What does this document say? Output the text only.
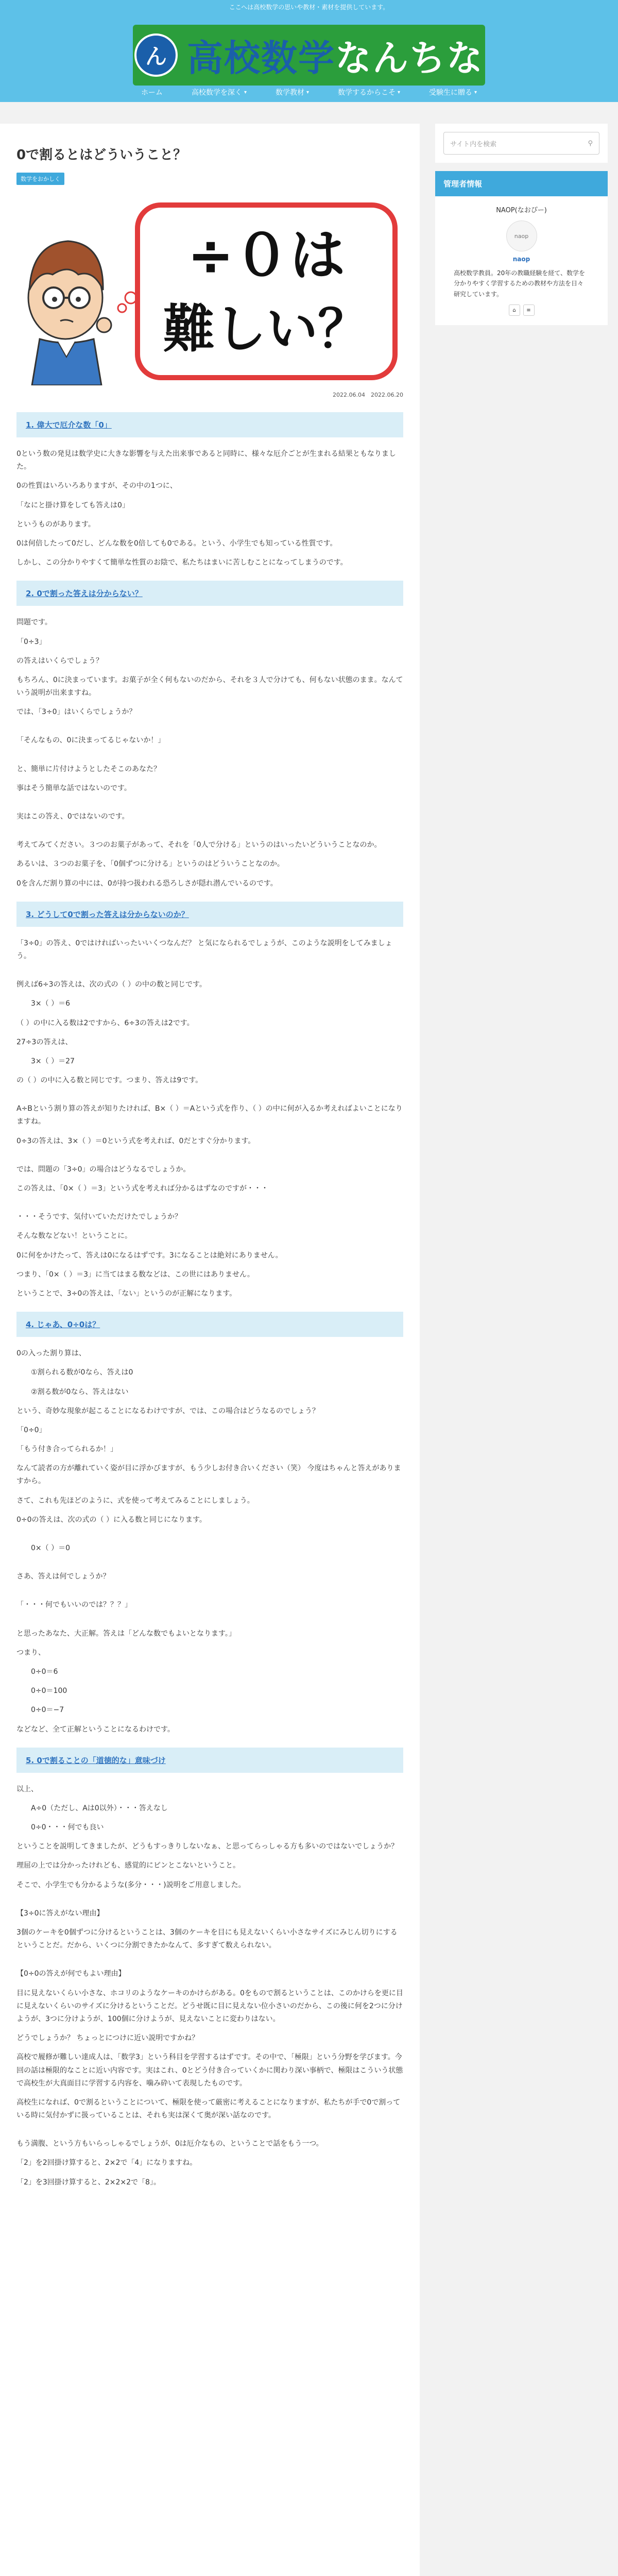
ここへは高校数学の思いや教材・素材を提供しています。
ん 高校数学なんちな
ホーム	高校数学を深く ▾	数学教材 ▾	数学するからこそ ▾	受験生に贈る ▾
0で割るとはどういうこと？
数学をおかしく
÷０は
難しい？
2022.06.04　2022.06.20
1. 偉大で厄介な数「0」

0という数の発見は数学史に大きな影響を与えた出来事であると同時に、様々な厄介ごとが生まれる結果ともなりました。

0の性質はいろいろありますが、その中の1つに、

「なにと掛け算をしても答えは0」

というものがあります。

0は何倍したって0だし、どんな数を0倍しても0である。という、小学生でも知っている性質です。

しかし、この分かりやすくて簡単な性質のお陰で、私たちはまいに苦しむことになってしまうのです。

2. 0で割った答えは分からない？

問題です。

「0÷3」

の答えはいくらでしょう？

もちろん、0に決まっています。お菓子が全く何もないのだから、それを３人で分けても、何もない状態のまま。なんていう説明が出来ますね。

では、「3÷0」はいくらでしょうか？

「そんなもの、0に決まってるじゃないか！」

と、簡単に片付けようとしたそこのあなた？

事はそう簡単な話ではないのです。

実はこの答え、0ではないのです。

考えてみてください。３つのお菓子があって、それを「0人で分ける」というのはいったいどういうことなのか。

あるいは、３つのお菓子を、「0個ずつに分ける」というのはどういうことなのか。

0を含んだ割り算の中には、0が持つ扱われる恐ろしさが隠れ潜んでいるのです。

3. どうして0で割った答えは分からないのか？

「3÷0」の答え、0ではければいったいいくつなんだ？ と気になられるでしょうが、このような説明をしてみましょう。

例えば6÷3の答えは、次の式の（ ）の中の数と同じです。

3×（ ）＝6

（ ）の中に入る数は2ですから、6÷3の答えは2です。

27÷3の答えは、

3×（ ）＝27

の（ ）の中に入る数と同じです。つまり、答えは9です。

A÷Bという割り算の答えが知りたければ、B×（ ）＝Aという式を作り、（ ）の中に何が入るか考えればよいことになりますね。

0÷3の答えは、3×（ ）＝0という式を考えれば、0だとすぐ分かります。

では、問題の「3÷0」の場合はどうなるでしょうか。

この答えは、「0×（ ）＝3」という式を考えれば分かるはずなのですが・・・

・・・そうです、気付いていただけたでしょうか？

そんな数などない！ということに。

0に何をかけたって、答えは0になるはずです。3になることは絶対にありません。

つまり、「0×（ ）＝3」に当てはまる数などは、この世にはありません。

ということで、3÷0の答えは、「ない」というのが正解になります。

4. じゃあ、0÷0は？

0の入った割り算は、

①割られる数が0なら、答えは0

②割る数が0なら、答えはない

という、奇妙な現象が起こることになるわけですが、では、この場合はどうなるのでしょう？

「0÷0」

「もう付き合ってられるか！」

なんて読者の方が離れていく姿が目に浮かびますが、もう少しお付き合いください（笑） 今度はちゃんと答えがありますから。

さて、これも先ほどのように、式を使って考えてみることにしましょう。

0÷0の答えは、次の式の（ ）に入る数と同じになります。

0×（ ）＝0

さあ、答えは何でしょうか？

「・・・何でもいいのでは？？？」

と思ったあなた、大正解。答えは「どんな数でもよいとなります。」

つまり、

0÷0＝6

0÷0＝100

0÷0＝−7

などなど、全て正解ということになるわけです。

5. 0で割ることの「道徳的な」意味づけ

以上、

A÷0（ただし、Aは0以外）・・・答えなし

0÷0・・・何でも良い

ということを説明してきましたが、どうもすっきりしないなぁ、と思ってらっしゃる方も多いのではないでしょうか？

理屈の上では分かったけれども、感覚的にピンとこないということ。

そこで、小学生でも分かるような(多分・・・)説明をご用意しました。

【3÷0に答えがない理由】

3個のケーキを0個ずつに分けるということは、3個のケーキを目にも見えないくらい小さなサイズにみじん切りにするということだ。だから、いくつに分割できたかなんて、多すぎて数えられない。

【0÷0の答えが何でもよい理由】

目に見えないくらい小さな、ホコリのようなケーキのかけらがある。0をもので割るということは、このかけらを更に目に見えないくらいのサイズに分けるということだ。どうせ既に目に見えない位小さいのだから、この後に何を2つに分けようが、3つに分けようが、100個に分けようが、見えないことに変わりはない。

どうでしょうか？ ちょっとにつけに近い説明ですかね？

高校で履修が難しい達成人は、「数学3」という科目を学習するはずです。その中で、「極限」という分野を学びます。今回の話は極限的なことに近い内容です。実はこれ、0とどう付き合っていくかに関わり深い事柄で、極限はこういう状態で高校生が大真面目に学習する内容を、噛み砕いて表現したものです。

高校生になれば、0で割るということについて、極限を使って厳密に考えることになりますが、私たちが手で0で割っている時に気付かずに扱っていることは、それも実は深くて奥が深い話なのです。

もう満腹、という方もいらっしゃるでしょうが、0は厄介なもの、ということで話をもう一つ。

「2」を2回掛け算すると、2×2で「4」になりますね。

「2」を3回掛け算すると、2×2×2で「8」。

サイト内を検索	⚲
管理者情報
NAOP(なおぴー)
naop
naop
高校数学教員。20年の教職経験を経て、数学を分かりやすく学習するための教材や方法を日々研究しています。
⌂	≡
